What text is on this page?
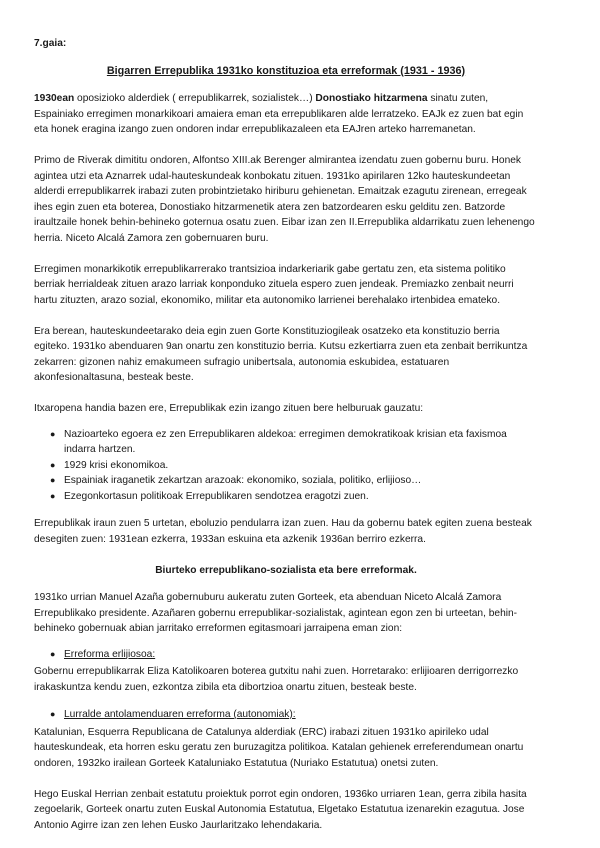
7.gaia:
Bigarren Errepublika 1931ko konstituzioa eta erreformak (1931 - 1936)

1930ean oposizioko alderdiek ( errepublikarrek, sozialistek…) Donostiako hitzarmena sinatu zuten, Espainiako erregimen monarkikoari amaiera eman eta errepublikaren alde lerratzeko. EAJk ez zuen bat egin eta honek eragina izango zuen ondoren indar errepublikazaleen eta EAJren arteko harremanetan.

Primo de Riverak dimititu ondoren, Alfontso XIII.ak Berenger almirantea izendatu zuen gobernu buru. Honek agintea utzi eta Aznarrek udal-hauteskundeak konbokatu zituen. 1931ko apirilaren 12ko hauteskundeetan alderdi errepublikarrek irabazi zuten probintzietako hiriburu gehienetan. Emaitzak ezagutu zirenean, erregeak ihes egin zuen eta boterea, Donostiako hitzarmenetik atera zen batzordearen esku gelditu zen. Batzorde iraultzaile honek behin-behineko goternua osatu zuen. Eibar izan zen II.Errepublika aldarrikatu zuen lehenengo herria. Niceto Alcalá Zamora zen gobernuaren buru.

Erregimen monarkikotik errepublikarrerako trantsizioa indarkeriarik gabe gertatu zen, eta sistema politiko berriak herrialdeak zituen arazo larriak konponduko zituela espero zuen jendeak. Premiazko zenbait neurri hartu zituzten, arazo sozial, ekonomiko, militar eta autonomiko larrienei berehalako irtenbidea emateko.

Era berean, hauteskundeetarako deia egin zuen Gorte Konstituziogileak osatzeko eta konstituzio berria egiteko. 1931ko abenduaren 9an onartu zen konstituzio berria. Kutsu ezkertiarra zuen eta zenbait berrikuntza zekarren: gizonen nahiz emakumeen sufragio unibertsala, autonomia eskubidea, estatuaren akonfesionaltasuna, besteak beste.

Itxaropena handia bazen ere, Errepublikak ezin izango zituen bere helburuak gauzatu:

● Nazioarteko egoera ez zen Errepublikaren aldekoa: erregimen demokratikoak krisian eta faxismoa indarra hartzen.
● 1929 krisi ekonomikoa.
● Espainiak iraganetik zekartzan arazoak: ekonomiko, soziala, politiko, erlijioso…
● Ezegonkortasun politikoak Errepublikaren sendotzea eragotzi zuen.

Errepublikak iraun zuen 5 urtetan, eboluzio pendularra izan zuen. Hau da gobernu batek egiten zuena besteak desegiten zuen: 1931ean ezkerra, 1933an eskuina eta azkenik 1936an berriro ezkerra.

Biurteko errepublikano-sozialista eta bere erreformak.

1931ko urrian Manuel Azaña gobernuburu aukeratu zuten Gorteek, eta abenduan Niceto Alcalá Zamora Errepublikako presidente. Azañaren gobernu errepublikar-sozialistak, agintean egon zen bi urteetan, behin-behineko gobernuak abian jarritako erreformen egitasmoari jarraipena eman zion:

● Erreforma erlijiosoa:

Gobernu errepublikarrak Eliza Katolikoaren boterea gutxitu nahi zuen. Horretarako: erlijioaren derrigorrezko irakaskuntza kendu zuen, ezkontza zibila eta dibortzioa onartu zituen, besteak beste.

● Lurralde antolamenduaren erreforma (autonomiak):

Katalunian, Esquerra Republicana de Catalunya alderdiak (ERC) irabazi zituen 1931ko apirileko udal hauteskundeak, eta horren esku geratu zen buruzagitza politikoa. Katalan gehienek erreferendumean onartu ondoren, 1932ko irailean Gorteek Kataluniako Estatutua (Nuriako Estatutua) onetsi zuten.

Hego Euskal Herrian zenbait estatutu proiektuk porrot egin ondoren, 1936ko urriaren 1ean, gerra zibila hasita zegoelarik, Gorteek onartu zuten Euskal Autonomia Estatutua, Elgetako Estatutua izenarekin ezagutua. Jose Antonio Agirre izan zen lehen Eusko Jaurlaritzako lehendakaria.
